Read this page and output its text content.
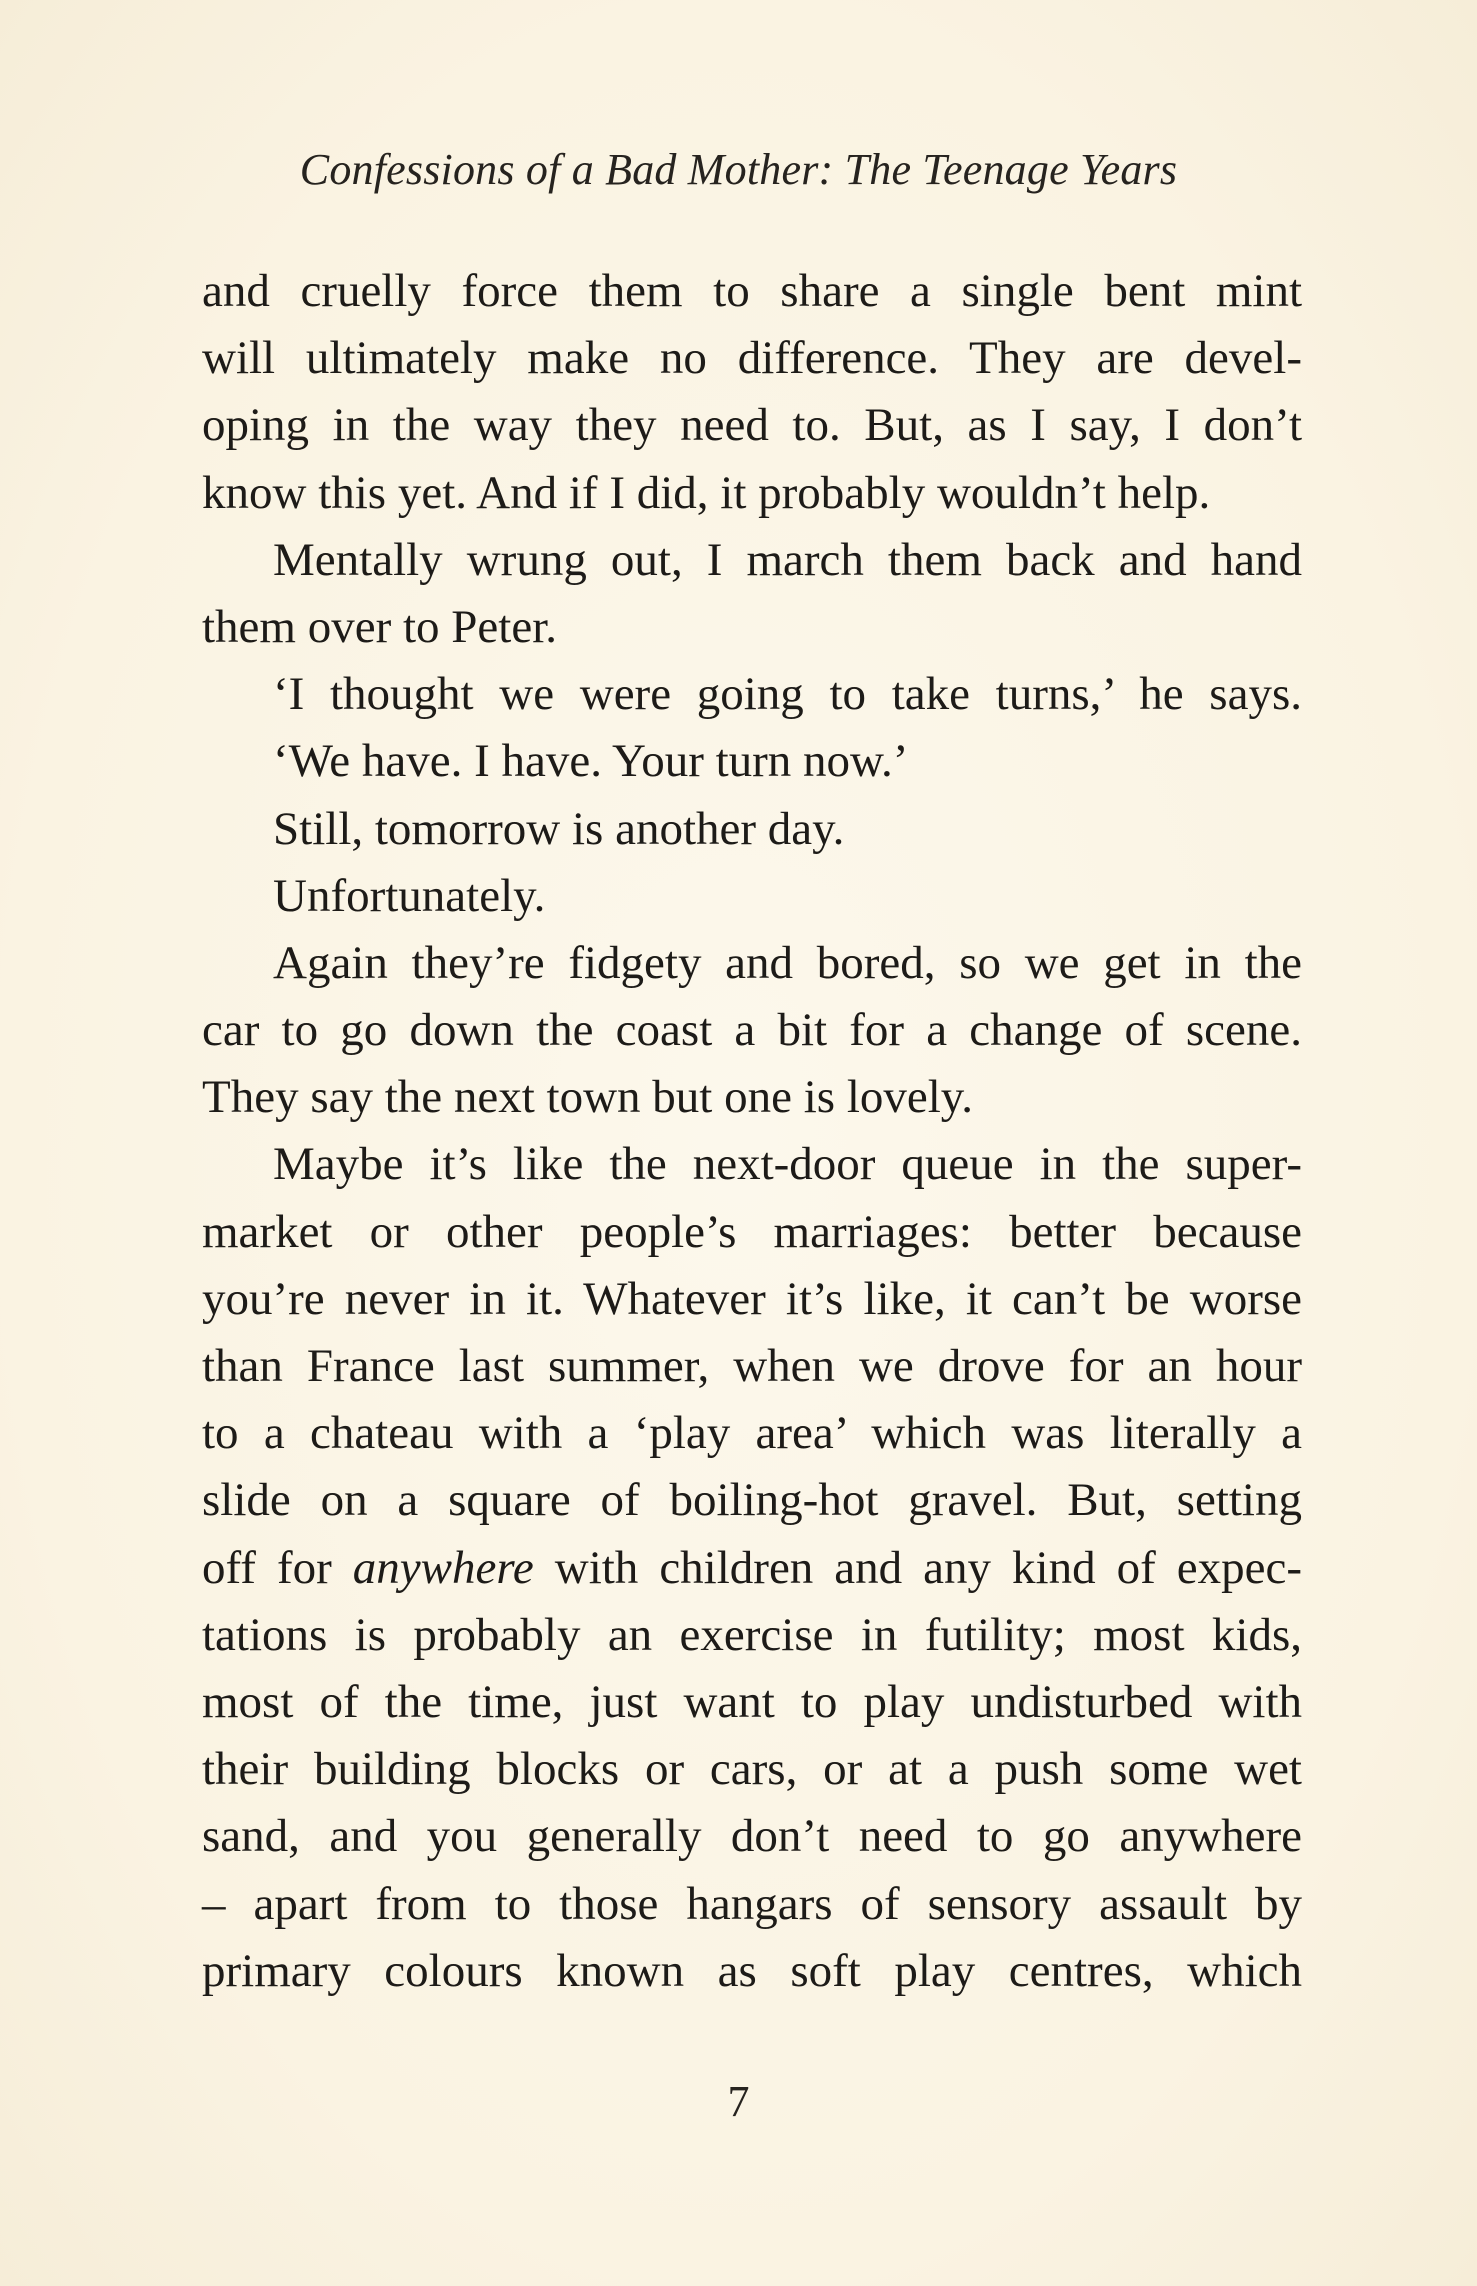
Confessions of a Bad Mother: The Teenage Years
and cruelly force them to share a single bent mint
will ultimately make no difference. They are devel-
oping in the way they need to. But, as I say, I don’t
know this yet. And if I did, it probably wouldn’t help.
Mentally wrung out, I march them back and hand
them over to Peter.
‘I thought we were going to take turns,’ he says.
‘We have. I have. Your turn now.’
Still, tomorrow is another day.
Unfortunately.
Again they’re fidgety and bored, so we get in the
car to go down the coast a bit for a change of scene.
They say the next town but one is lovely.
Maybe it’s like the next-door queue in the super-
market or other people’s marriages: better because
you’re never in it. Whatever it’s like, it can’t be worse
than France last summer, when we drove for an hour
to a chateau with a ‘play area’ which was literally a
slide on a square of boiling-hot gravel. But, setting
off for anywhere with children and any kind of expec-
tations is probably an exercise in futility; most kids,
most of the time, just want to play undisturbed with
their building blocks or cars, or at a push some wet
sand, and you generally don’t need to go anywhere
– apart from to those hangars of sensory assault by
primary colours known as soft play centres, which
7
